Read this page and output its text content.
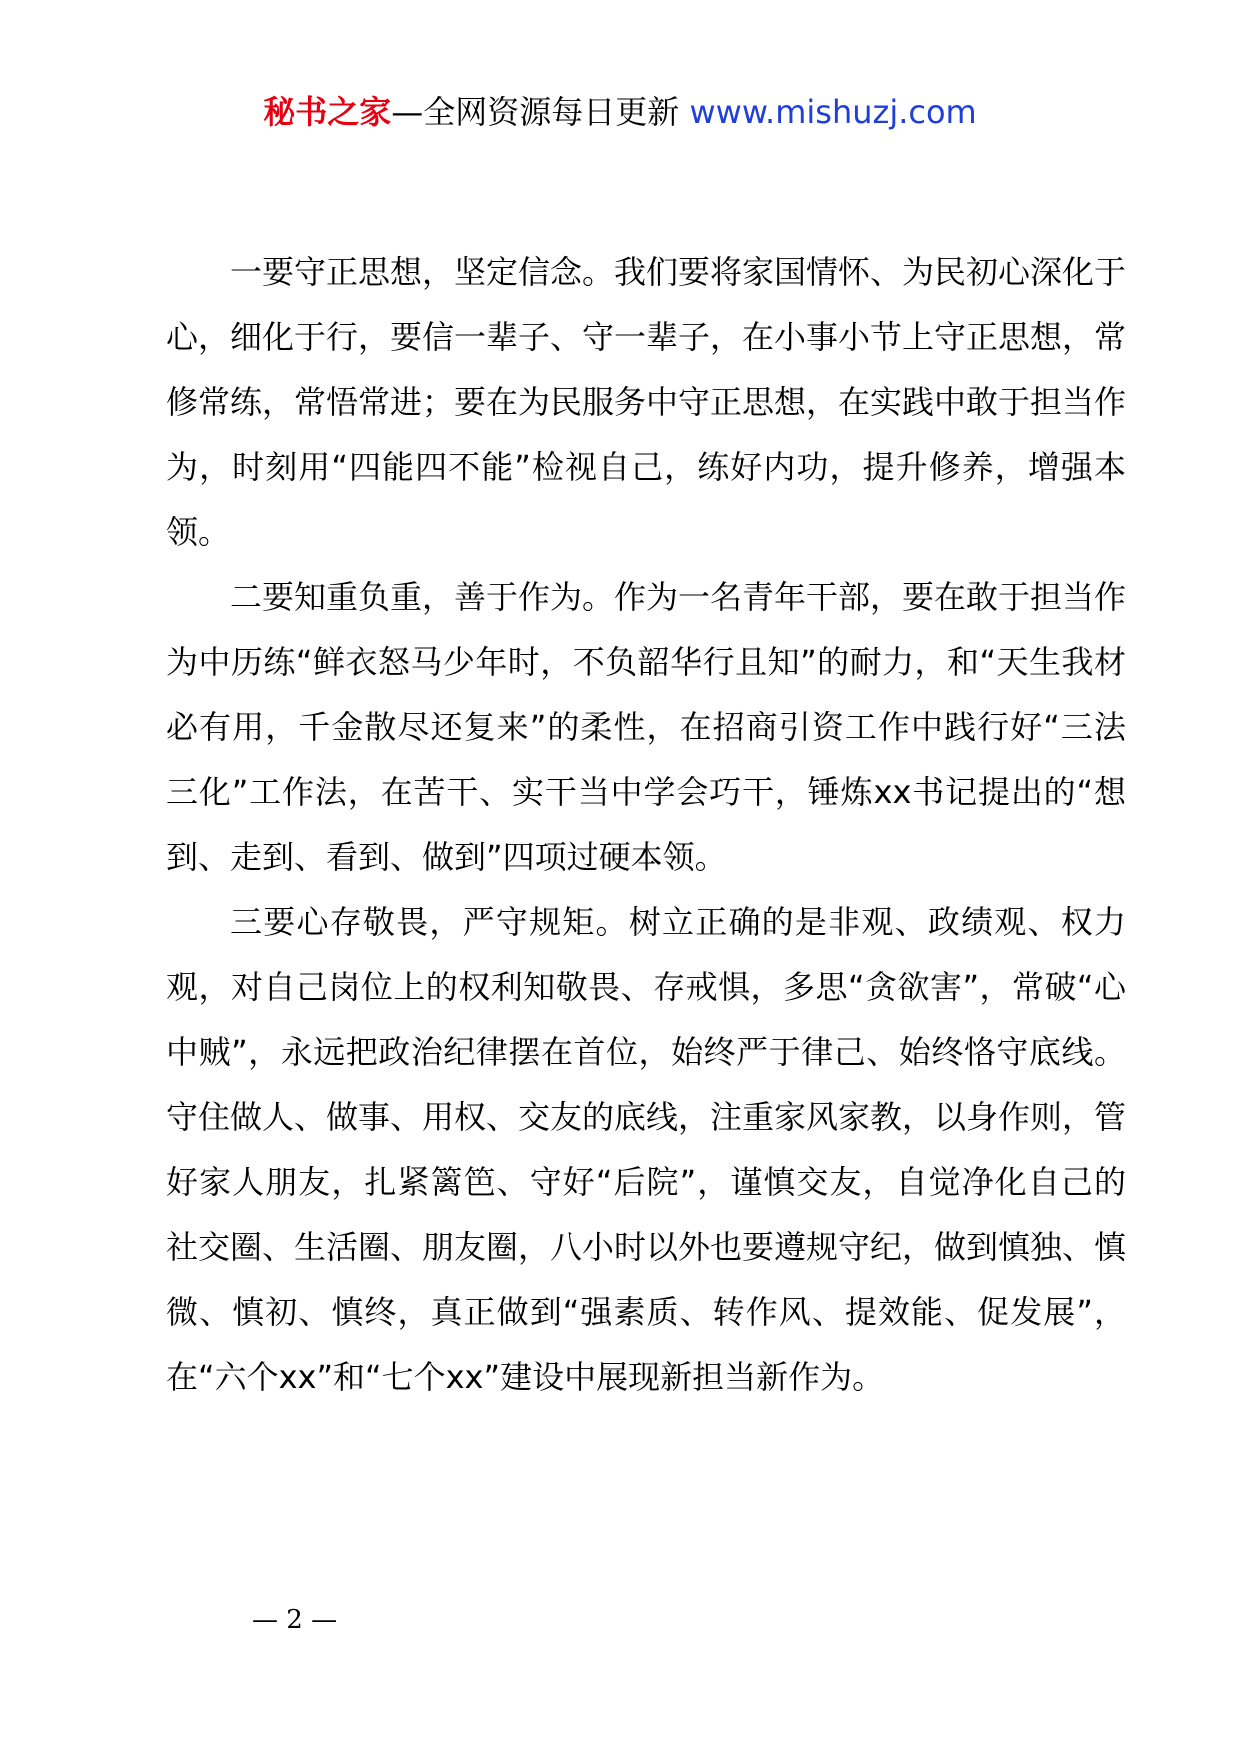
秘书之家—全网资源每日更新 www.mishuzj.com

一要守正思想，坚定信念。我们要将家国情怀、为民初心深化于心，细化于行，要信一辈子、守一辈子，在小事小节上守正思想，常修常练，常悟常进；要在为民服务中守正思想，在实践中敢于担当作为，时刻用“四能四不能”检视自己，练好内功，提升修养，增强本领。

二要知重负重，善于作为。作为一名青年干部，要在敢于担当作为中历练“鲜衣怒马少年时，不负韶华行且知”的耐力，和“天生我材必有用，千金散尽还复来”的柔性，在招商引资工作中践行好“三法三化”工作法，在苦干、实干当中学会巧干，锤炼xx书记提出的“想到、走到、看到、做到”四项过硬本领。

三要心存敬畏，严守规矩。树立正确的是非观、政绩观、权力观，对自己岗位上的权利知敬畏、存戒惧，多思“贪欲害”，常破“心中贼”，永远把政治纪律摆在首位，始终严于律己、始终恪守底线。守住做人、做事、用权、交友的底线，注重家风家教，以身作则，管好家人朋友，扎紧篱笆、守好“后院”，谨慎交友，自觉净化自己的社交圈、生活圈、朋友圈，八小时以外也要遵规守纪，做到慎独、慎微、慎初、慎终，真正做到“强素质、转作风、提效能、促发展”，在“六个xx”和“七个xx”建设中展现新担当新作为。

— 2 —
